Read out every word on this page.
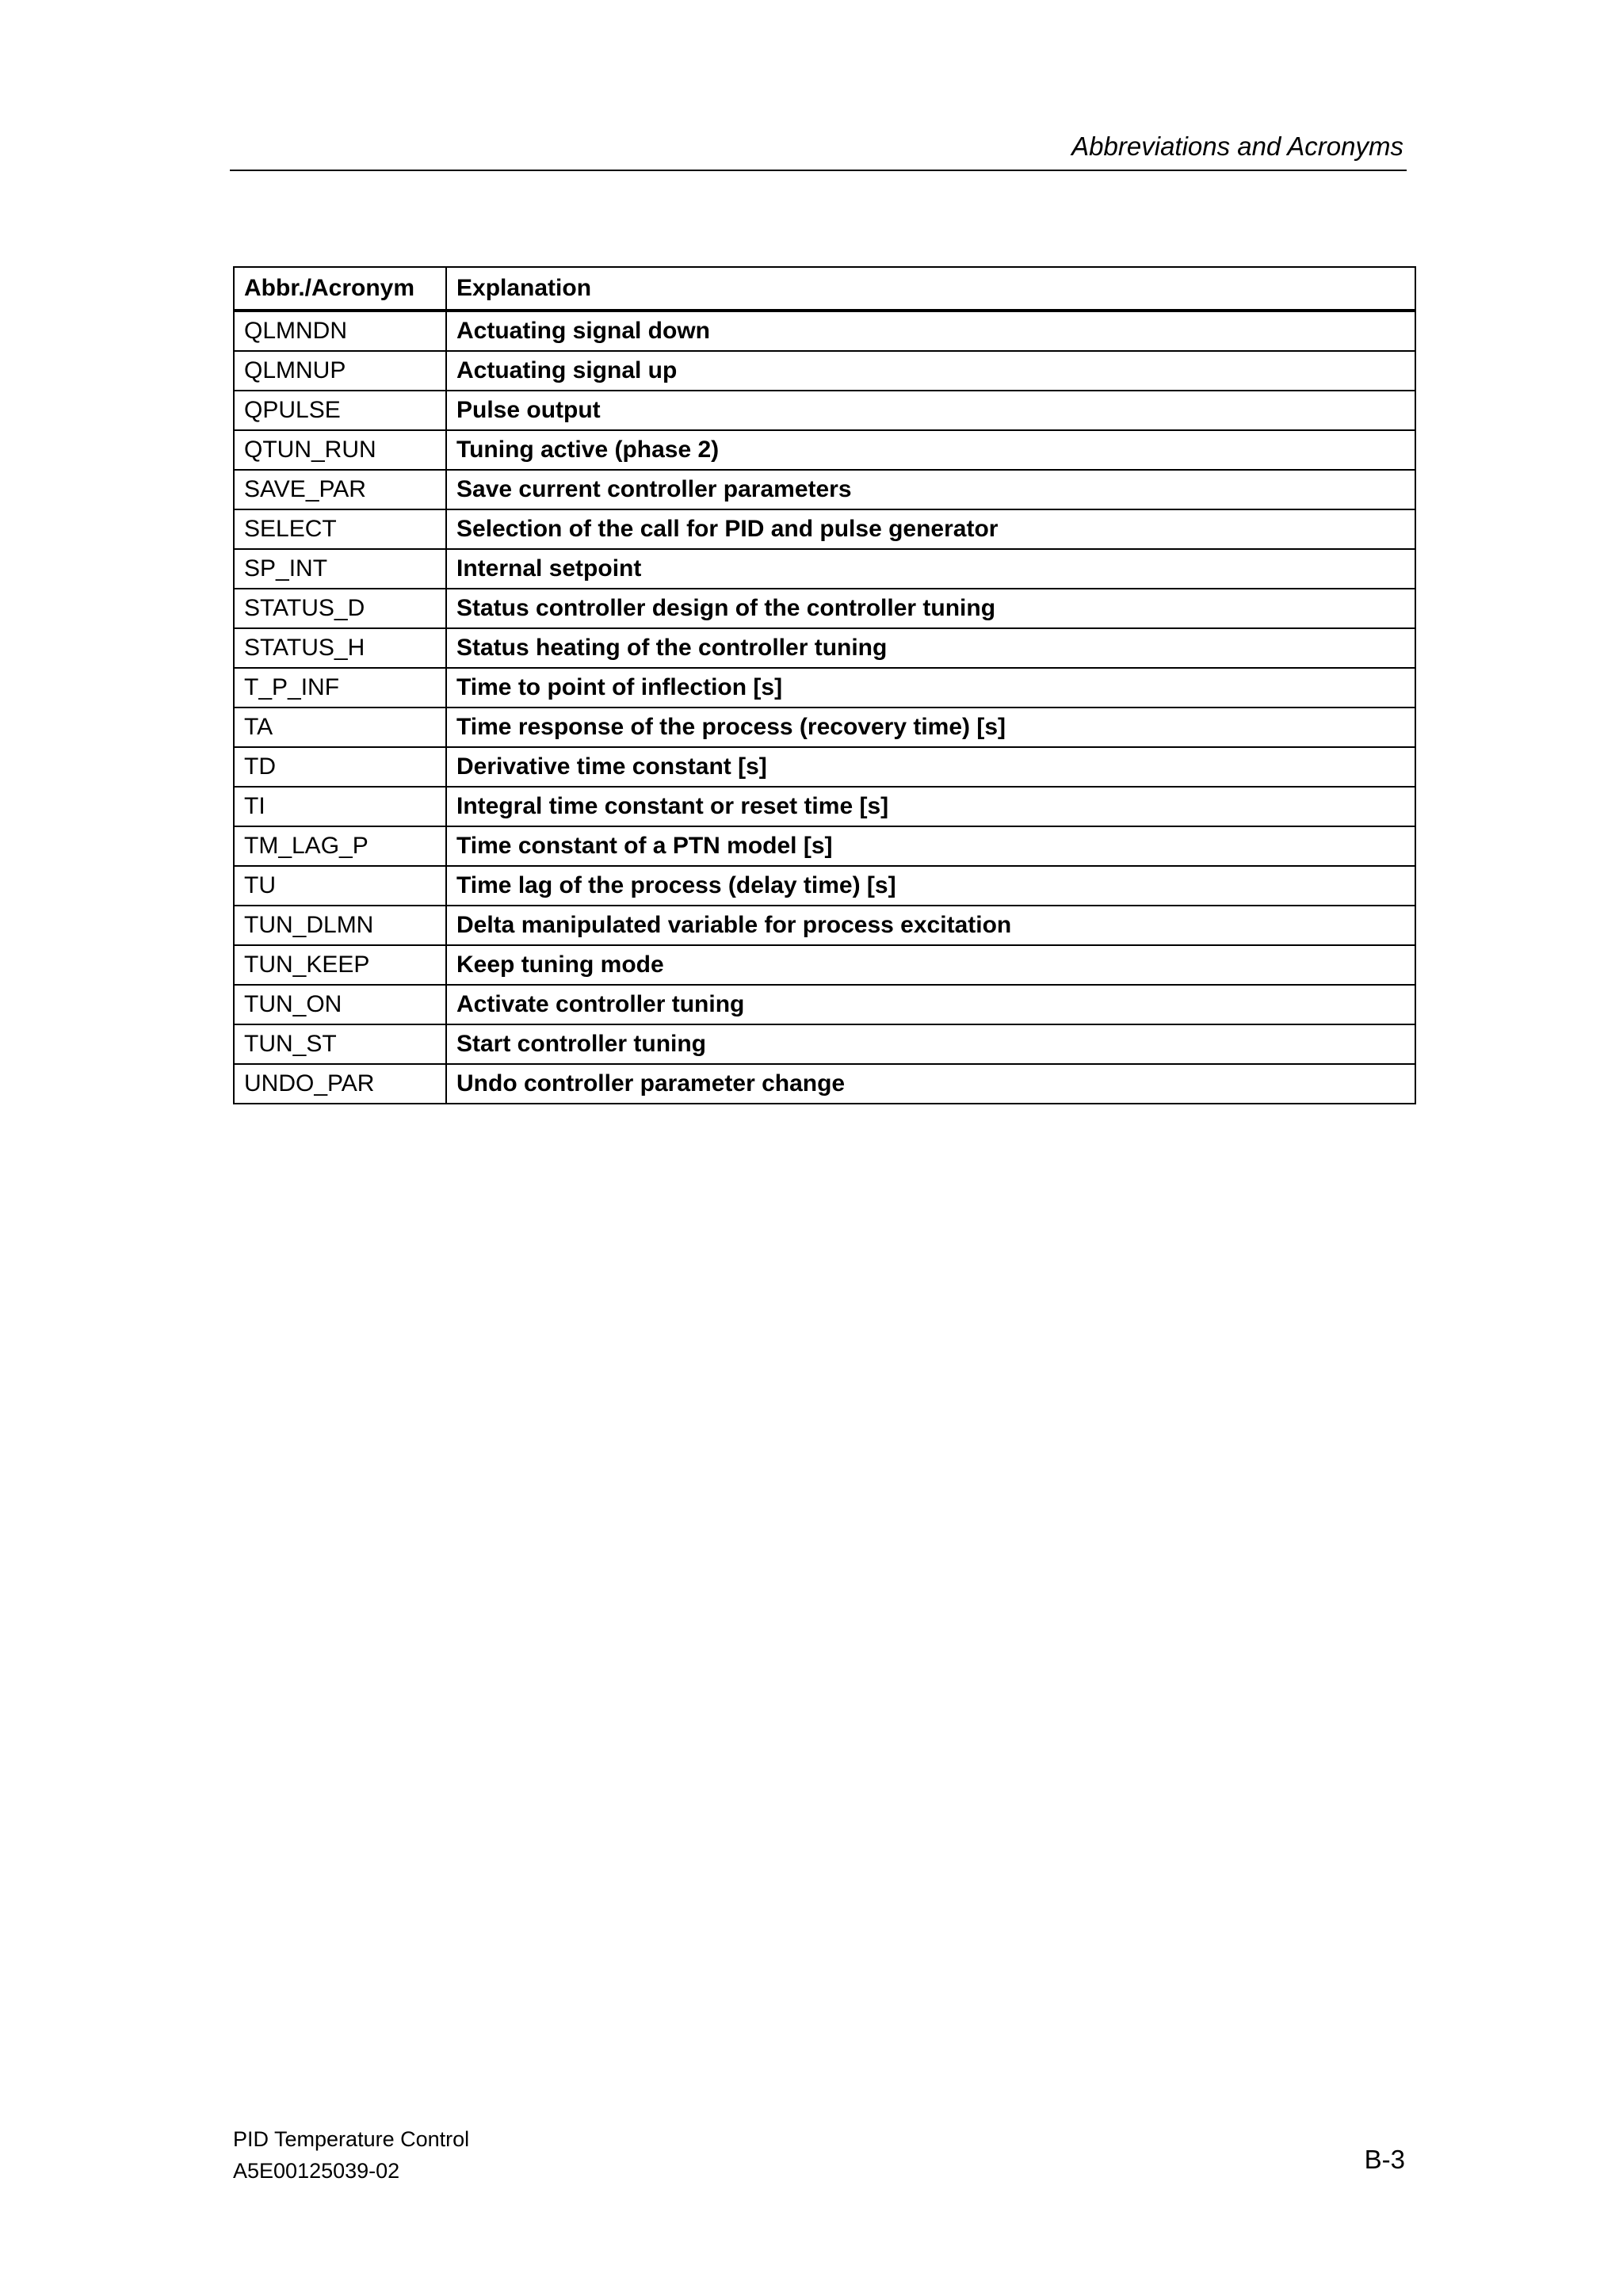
Abbreviations and Acronyms
Abbr./Acronym	Explanation
QLMNDN	Actuating signal down
QLMNUP	Actuating signal up
QPULSE	Pulse output
QTUN_RUN	Tuning active (phase 2)
SAVE_PAR	Save current controller parameters
SELECT	Selection of the call for PID and pulse generator
SP_INT	Internal setpoint
STATUS_D	Status controller design of the controller tuning
STATUS_H	Status heating of the controller tuning
T_P_INF	Time to point of inflection [s]
TA	Time response of the process (recovery time) [s]
TD	Derivative time constant [s]
TI	Integral time constant or reset time [s]
TM_LAG_P	Time constant of a PTN model [s]
TU	Time lag of the process (delay time) [s]
TUN_DLMN	Delta manipulated variable for process excitation
TUN_KEEP	Keep tuning mode
TUN_ON	Activate controller tuning
TUN_ST	Start controller tuning
UNDO_PAR	Undo controller parameter change
PID Temperature Control
A5E00125039-02	B-3
